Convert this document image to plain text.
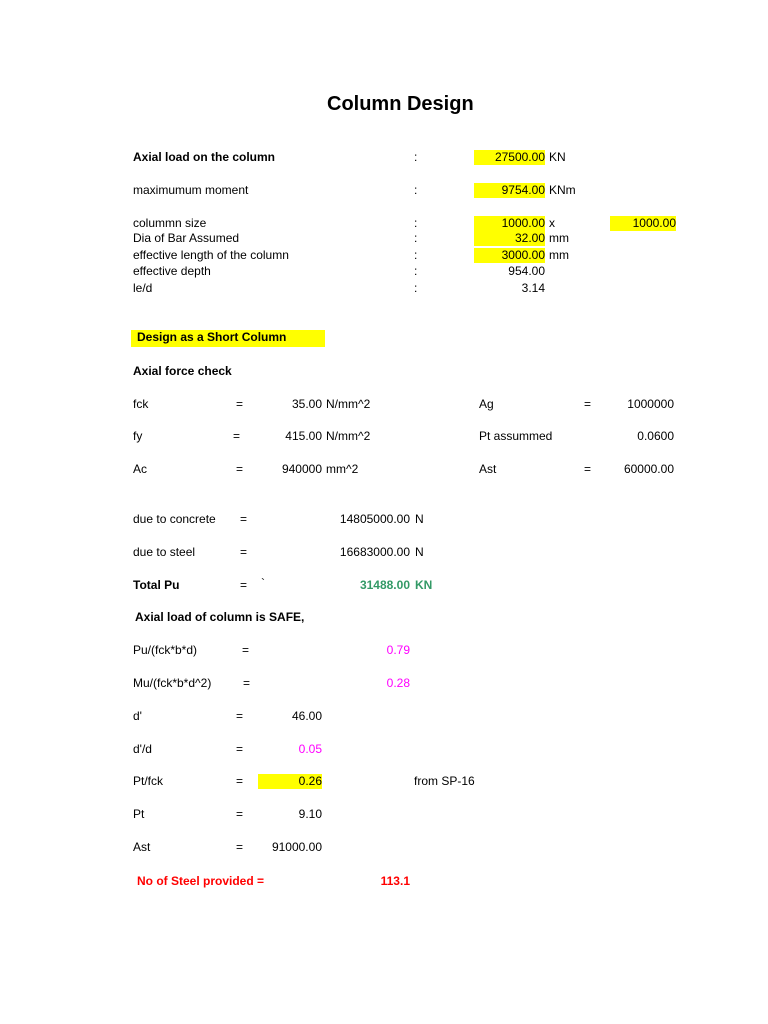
Column Design
Axial load on the column	:	27500.00 KN
maximumum moment	:	9754.00 KNm
colummn size	:	1000.00 x	1000.00
Dia of Bar Assumed	:	32.00 mm
effective length of the column	:	3000.00 mm
effective depth	:	954.00
le/d	:	3.14
Design as a Short Column
Axial force check
fck	=	35.00 N/mm^2	Ag	=	1000000
fy	=	415.00 N/mm^2	Pt assummed	0.0600
Ac	=	940000 mm^2	Ast	=	60000.00
due to concrete =	14805000.00 N
due to steel	=	16683000.00 N
Total Pu	= `	31488.00 KN
Axial load of column is SAFE,
Pu/(fck*b*d)	=	0.79
Mu/(fck*b*d^2)	=	0.28
d'	=	46.00
d'/d	=	0.05
Pt/fck	=	0.26	from SP-16
Pt	=	9.10
Ast	=	91000.00
No of Steel provided =	113.1
